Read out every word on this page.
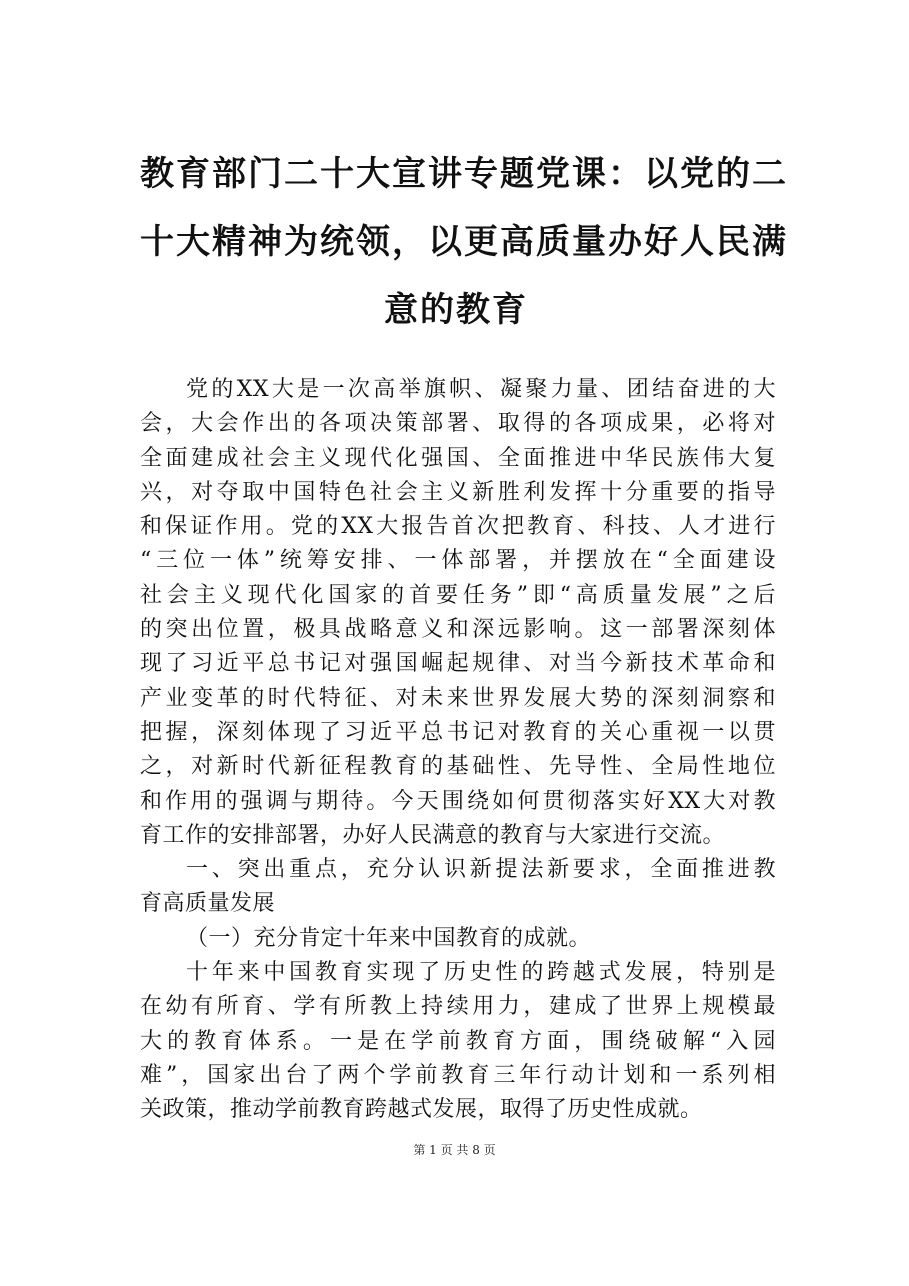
教育部门二十大宣讲专题党课：以党的二
十大精神为统领，以更高质量办好人民满
意的教育
党的XX大是一次高举旗帜、凝聚力量、团结奋进的大
会，大会作出的各项决策部署、取得的各项成果，必将对
全面建成社会主义现代化强国、全面推进中华民族伟大复
兴，对夺取中国特色社会主义新胜利发挥十分重要的指导
和保证作用。党的XX大报告首次把教育、科技、人才进行
“三位一体”统筹安排、一体部署，并摆放在“全面建设
社会主义现代化国家的首要任务”即“高质量发展”之后
的突出位置，极具战略意义和深远影响。这一部署深刻体
现了习近平总书记对强国崛起规律、对当今新技术革命和
产业变革的时代特征、对未来世界发展大势的深刻洞察和
把握，深刻体现了习近平总书记对教育的关心重视一以贯
之，对新时代新征程教育的基础性、先导性、全局性地位
和作用的强调与期待。今天围绕如何贯彻落实好XX大对教
育工作的安排部署，办好人民满意的教育与大家进行交流。
一、突出重点，充分认识新提法新要求，全面推进教
育高质量发展
（一）充分肯定十年来中国教育的成就。
十年来中国教育实现了历史性的跨越式发展，特别是
在幼有所育、学有所教上持续用力，建成了世界上规模最
大的教育体系。一是在学前教育方面，围绕破解“入园
难”，国家出台了两个学前教育三年行动计划和一系列相
关政策，推动学前教育跨越式发展，取得了历史性成就。
第 1 页 共 8 页
